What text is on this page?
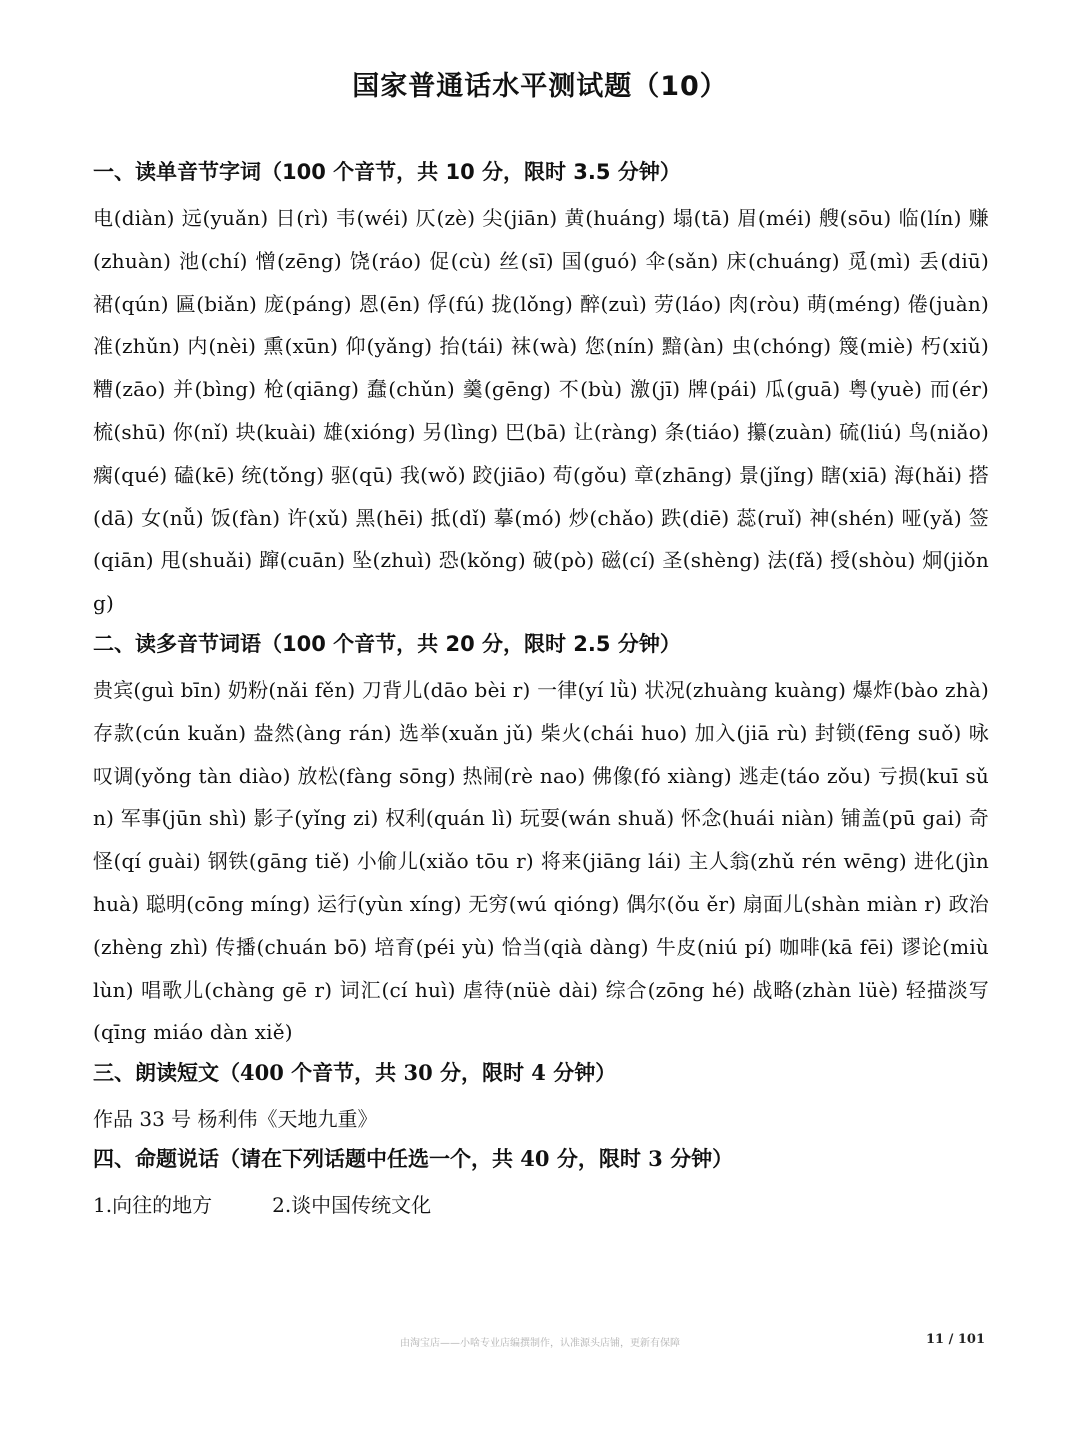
国家普通话水平测试题（10）
一、读单音节字词（100 个音节，共 10 分，限时 3.5 分钟）
电(diàn) 远(yuǎn) 日(rì) 韦(wéi) 仄(zè) 尖(jiān) 黄(huáng) 塌(tā) 眉(méi) 艘(sōu) 临(lín) 赚(zhuàn) 池(chí) 憎(zēng) 饶(ráo) 促(cù) 丝(sī) 国(guó) 伞(sǎn) 床(chuáng) 觅(mì) 丢(diū) 裙(qún) 匾(biǎn) 庞(páng) 恩(ēn) 俘(fú) 拢(lǒng) 醉(zuì) 劳(láo) 肉(ròu) 萌(méng) 倦(juàn) 准(zhǔn) 内(nèi) 熏(xūn) 仰(yǎng) 抬(tái) 袜(wà) 您(nín) 黯(àn) 虫(chóng) 篾(miè) 朽(xiǔ) 糟(zāo) 并(bìng) 枪(qiāng) 蠢(chǔn) 羹(gēng) 不(bù) 激(jī) 牌(pái) 瓜(guā) 粤(yuè) 而(ér) 梳(shū) 你(nǐ) 块(kuài) 雄(xióng) 另(lìng) 巴(bā) 让(ràng) 条(tiáo) 攥(zuàn) 硫(liú) 鸟(niǎo) 瘸(qué) 磕(kē) 统(tǒng) 驱(qū) 我(wǒ) 跤(jiāo) 苟(gǒu) 章(zhāng) 景(jǐng) 瞎(xiā) 海(hǎi) 搭(dā) 女(nǚ) 饭(fàn) 许(xǔ) 黑(hēi) 抵(dǐ) 摹(mó) 炒(chǎo) 跌(diē) 蕊(ruǐ) 神(shén) 哑(yǎ) 签(qiān) 甩(shuǎi) 蹿(cuān) 坠(zhuì) 恐(kǒng) 破(pò) 磁(cí) 圣(shèng) 法(fǎ) 授(shòu) 炯(jiǒng)
二、读多音节词语（100 个音节，共 20 分，限时 2.5 分钟）
贵宾(guì bīn) 奶粉(nǎi fěn) 刀背儿(dāo bèi r) 一律(yí lǜ) 状况(zhuàng kuàng) 爆炸(bào zhà) 存款(cún kuǎn) 盎然(àng rán) 选举(xuǎn jǔ) 柴火(chái huo) 加入(jiā rù) 封锁(fēng suǒ) 咏叹调(yǒng tàn diào) 放松(fàng sōng) 热闹(rè nao) 佛像(fó xiàng) 逃走(táo zǒu) 亏损(kuī sǔn) 军事(jūn shì) 影子(yǐng zi) 权利(quán lì) 玩耍(wán shuǎ) 怀念(huái niàn) 铺盖(pū gai) 奇怪(qí guài) 钢铁(gāng tiě) 小偷儿(xiǎo tōu r) 将来(jiāng lái) 主人翁(zhǔ rén wēng) 进化(jìn huà) 聪明(cōng míng) 运行(yùn xíng) 无穷(wú qióng) 偶尔(ǒu ěr) 扇面儿(shàn miàn r) 政治(zhèng zhì) 传播(chuán bō) 培育(péi yù) 恰当(qià dàng) 牛皮(niú pí) 咖啡(kā fēi) 谬论(miù lùn) 唱歌儿(chàng gē r) 词汇(cí huì) 虐待(nüè dài) 综合(zōng hé) 战略(zhàn lüè) 轻描淡写(qīng miáo dàn xiě)
三、朗读短文（400 个音节，共 30 分，限时 4 分钟）
作品 33 号 杨利伟《天地九重》
四、命题说话（请在下列话题中任选一个，共 40 分，限时 3 分钟）
1.向往的地方	2.谈中国传统文化
由淘宝店——小啥专业店编撰制作，认准源头店铺，更新有保障	11 / 101
